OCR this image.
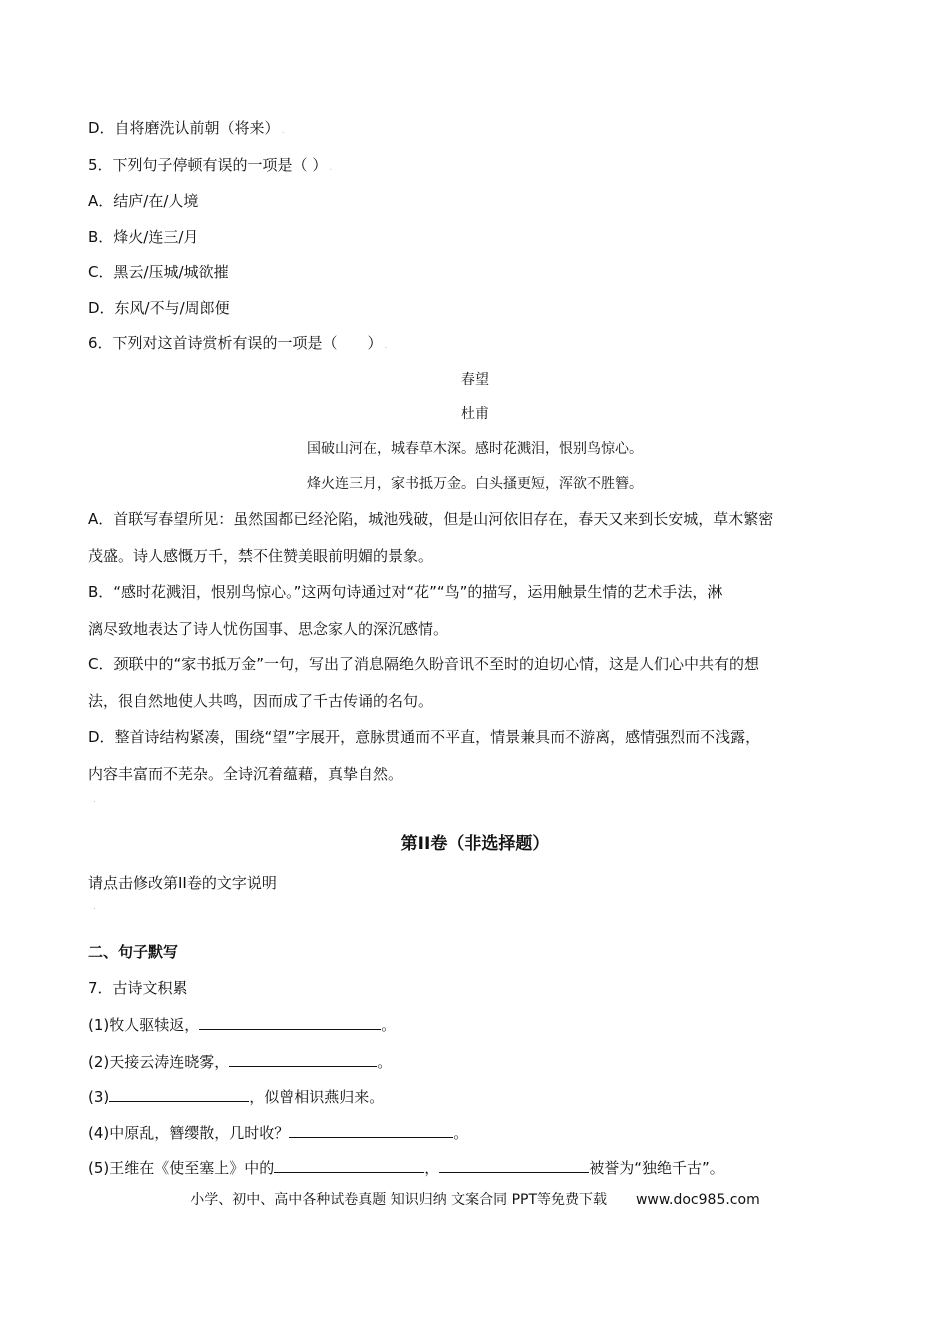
D．自将磨洗认前朝（将来） .
5．下列句子停顿有误的一项是（ ） .
A．结庐/在/人境
B．烽火/连三/月
C．黑云/压城/城欲摧
D．东风/不与/周郎便
6．下列对这首诗赏析有误的一项是（　　） .
春望
杜甫
国破山河在，城春草木深。感时花溅泪，恨别鸟惊心。
烽火连三月，家书抵万金。白头搔更短，浑欲不胜簪。
A．首联写春望所见：虽然国都已经沦陷，城池残破，但是山河依旧存在，春天又来到长安城，草木繁密
茂盛。诗人感慨万千，禁不住赞美眼前明媚的景象。
B．“感时花溅泪，恨别鸟惊心。”这两句诗通过对“花”“鸟”的描写，运用触景生情的艺术手法，淋
漓尽致地表达了诗人忧伤国事、思念家人的深沉感情。
C．颈联中的“家书抵万金”一句，写出了消息隔绝久盼音讯不至时的迫切心情，这是人们心中共有的想
法，很自然地使人共鸣，因而成了千古传诵的名句。
D．整首诗结构紧凑，围绕“望”字展开，意脉贯通而不平直，情景兼具而不游离，感情强烈而不浅露，
内容丰富而不芜杂。全诗沉着蕴藉，真挚自然。
.
第II卷（非选择题）
请点击修改第II卷的文字说明
.
二、句子默写
7．古诗文积累
(1)牧人驱犊返，	。
(2)天接云涛连晓雾，	。
(3)	，似曾相识燕归来。
(4)中原乱，簪缨散，几时收？	。
(5)王维在《使至塞上》中的	，	被誉为“独绝千古”。
小学、初中、高中各种试卷真题 知识归纳 文案合同 PPT等免费下载 www.doc985.com
